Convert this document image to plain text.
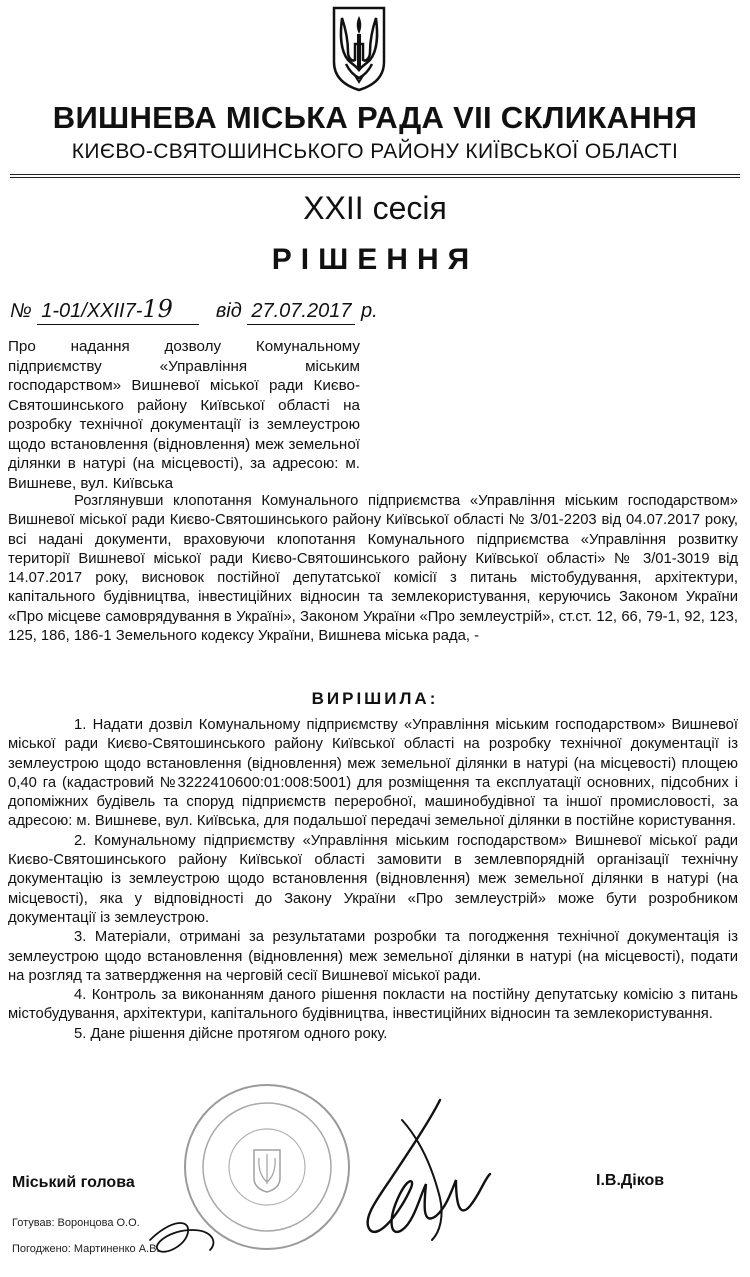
ВИШНЕВА МІСЬКА РАДА VII СКЛИКАННЯ
КИЄВО-СВЯТОШИНСЬКОГО РАЙОНУ КИЇВСЬКОЇ ОБЛАСТІ
XXII сесія
РІШЕННЯ
№ 1-01/XXII7-19 від 27.07.2017 р.
Про надання дозволу Комунальному підприємству «Управління міським господарством» Вишневої міської ради Києво-Святошинського району Київської області на розробку технічної документації із землеустрою щодо встановлення (відновлення) меж земельної ділянки в натурі (на місцевості), за адресою: м. Вишневе, вул. Київська
Розглянувши клопотання Комунального підприємства «Управління міським господарством» Вишневої міської ради Києво-Святошинського району Київської області № 3/01-2203 від 04.07.2017 року, всі надані документи, враховуючи клопотання Комунального підприємства «Управління розвитку території Вишневої міської ради Києво-Святошинського району Київської області» № 3/01-3019 від 14.07.2017 року, висновок постійної депутатської комісії з питань містобудування, архітектури, капітального будівництва, інвестиційних відносин та землекористування, керуючись Законом України «Про місцеве самоврядування в Україні», Законом України «Про землеустрій», ст.ст. 12, 66, 79-1, 92, 123, 125, 186, 186-1 Земельного кодексу України, Вишнева міська рада, -
ВИРІШИЛА:

1. Надати дозвіл Комунальному підприємству «Управління міським господарством» Вишневої міської ради Києво-Святошинського району Київської області на розробку технічної документації із землеустрою щодо встановлення (відновлення) меж земельної ділянки в натурі (на місцевості) площею 0,40 га (кадастровий №3222410600:01:008:5001) для розміщення та експлуатації основних, підсобних і допоміжних будівель та споруд підприємств переробної, машинобудівної та іншої промисловості, за адресою: м. Вишневе, вул. Київська, для подальшої передачі земельної ділянки в постійне користування.

2. Комунальному підприємству «Управління міським господарством» Вишневої міської ради Києво-Святошинського району Київської області замовити в землевпорядній організації технічну документацію із землеустрою щодо встановлення (відновлення) меж земельної ділянки в натурі (на місцевості), яка у відповідності до Закону України «Про землеустрій» може бути розробником документації із землеустрою.

3. Матеріали, отримані за результатами розробки та погодження технічної документація із землеустрою щодо встановлення (відновлення) меж земельної ділянки в натурі (на місцевості), подати на розгляд та затвердження на черговій сесії Вишневої міської ради.

4. Контроль за виконанням даного рішення покласти на постійну депутатську комісію з питань містобудування, архітектури, капітального будівництва, інвестиційних відносин та землекористування.

5. Дане рішення дійсне протягом одного року.

Міський голова	І.В.Діков
Готував: Воронцова О.О.
Погоджено: Мартиненко А.В.
